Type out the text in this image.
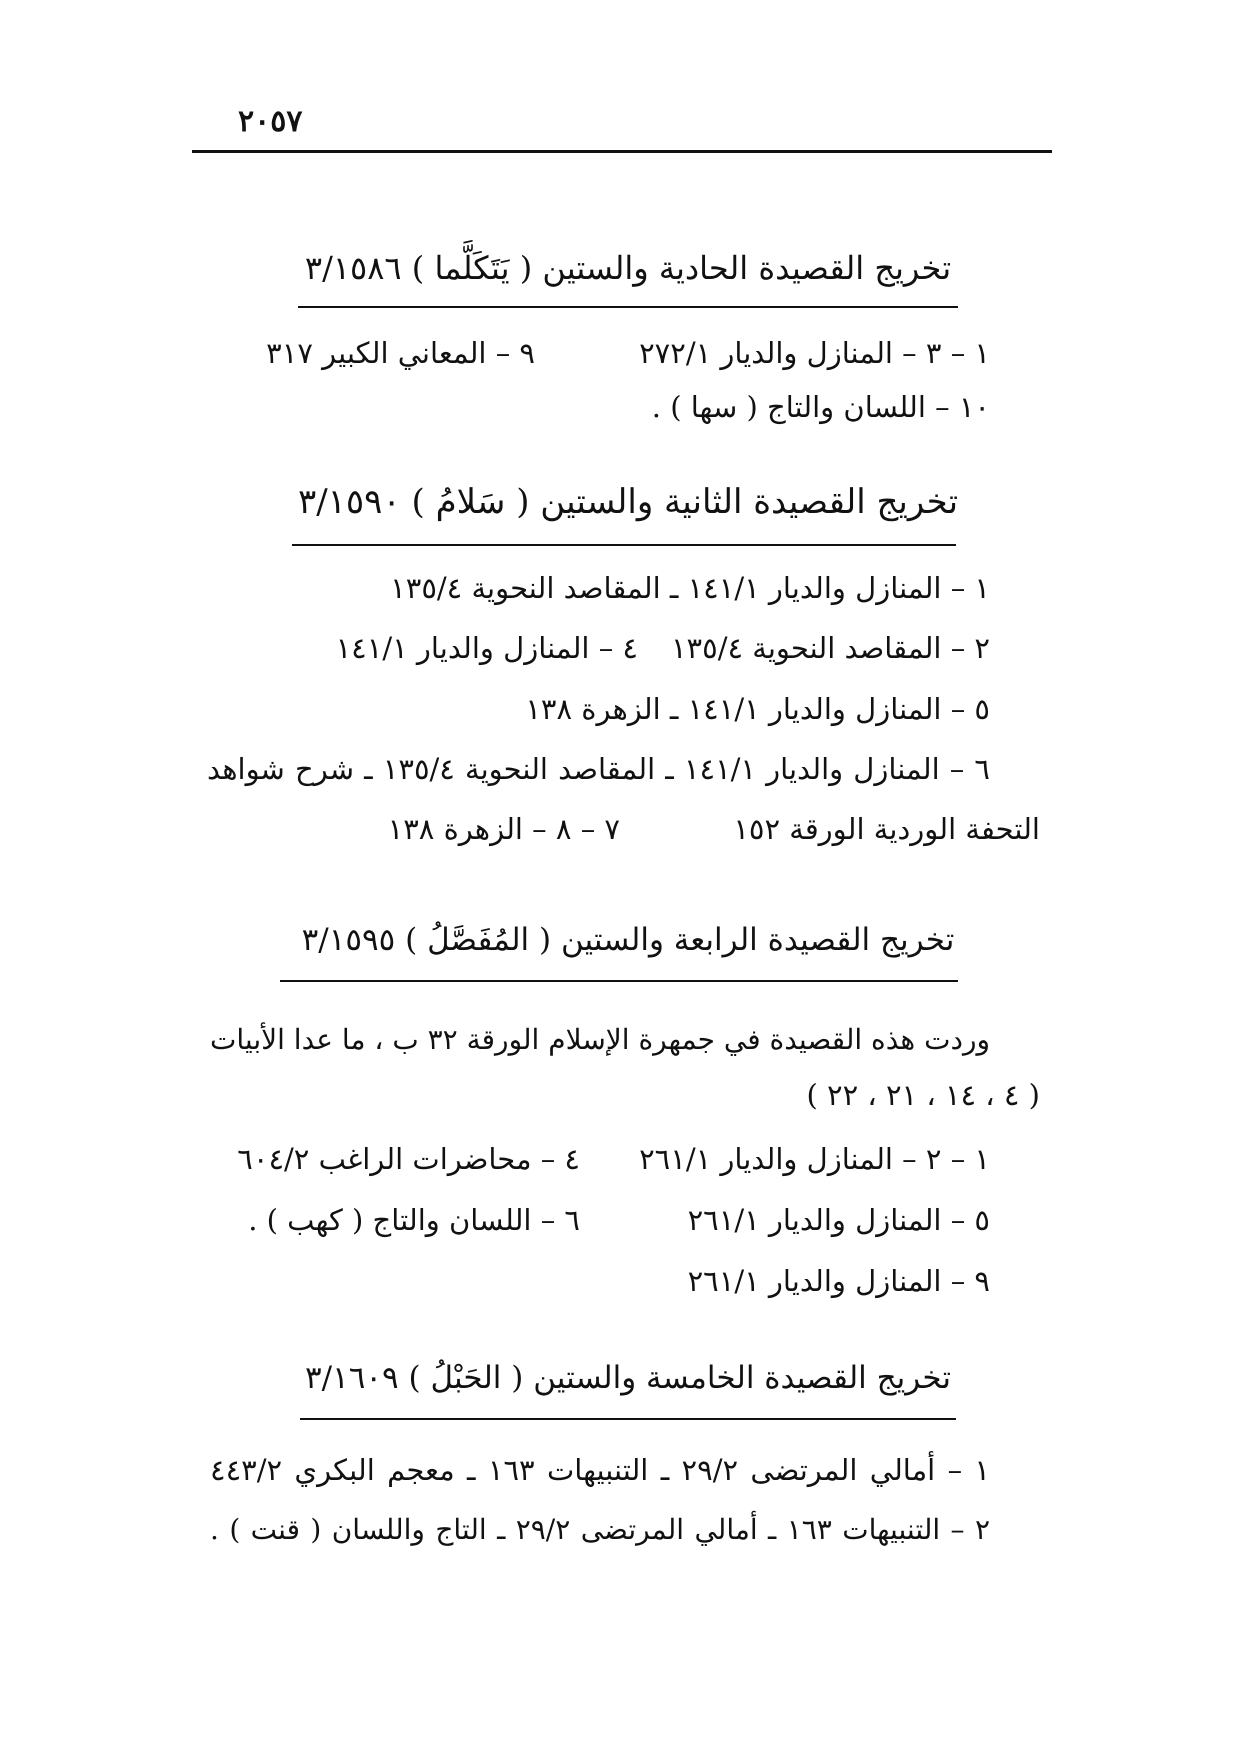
٢٠٥٧
تخريج القصيدة الحادية والستين ( يَتَكَلَّما ) ٣/١٥٨٦
١ – ٣ – المنازل والديار ٢٧٢/١
٩ – المعاني الكبير ٣١٧
١٠ – اللسان والتاج ( سها ) .
تخريج القصيدة الثانية والستين ( سَلامُ ) ٣/١٥٩٠
١ – المنازل والديار ١٤١/١ ـ المقاصد النحوية ١٣٥/٤
٢ – المقاصد النحوية ١٣٥/٤
٤ – المنازل والديار ١٤١/١
٥ – المنازل والديار ١٤١/١ ـ الزهرة ١٣٨
٦ – المنازل والديار ١٤١/١ ـ المقاصد النحوية ١٣٥/٤ ـ شرح شواهد
التحفة الوردية الورقة ١٥٢
٧ – ٨ – الزهرة ١٣٨
تخريج القصيدة الرابعة والستين ( المُفَصَّلُ ) ٣/١٥٩٥
وردت هذه القصيدة في جمهرة الإسلام الورقة ٣٢ ب ، ما عدا الأبيات
( ٤ ، ١٤ ، ٢١ ، ٢٢ )
١ – ٢ – المنازل والديار ٢٦١/١
٤ – محاضرات الراغب ٦٠٤/٢
٥ – المنازل والديار ٢٦١/١
٦ – اللسان والتاج ( كهب ) .
٩ – المنازل والديار ٢٦١/١
تخريج القصيدة الخامسة والستين ( الحَبْلُ ) ٣/١٦٠٩
١ – أمالي المرتضى ٢٩/٢ ـ التنبيهات ١٦٣ ـ معجم البكري ٤٤٣/٢
٢ – التنبيهات ١٦٣ ـ أمالي المرتضى ٢٩/٢ ـ التاج واللسان ( قنت ) .
